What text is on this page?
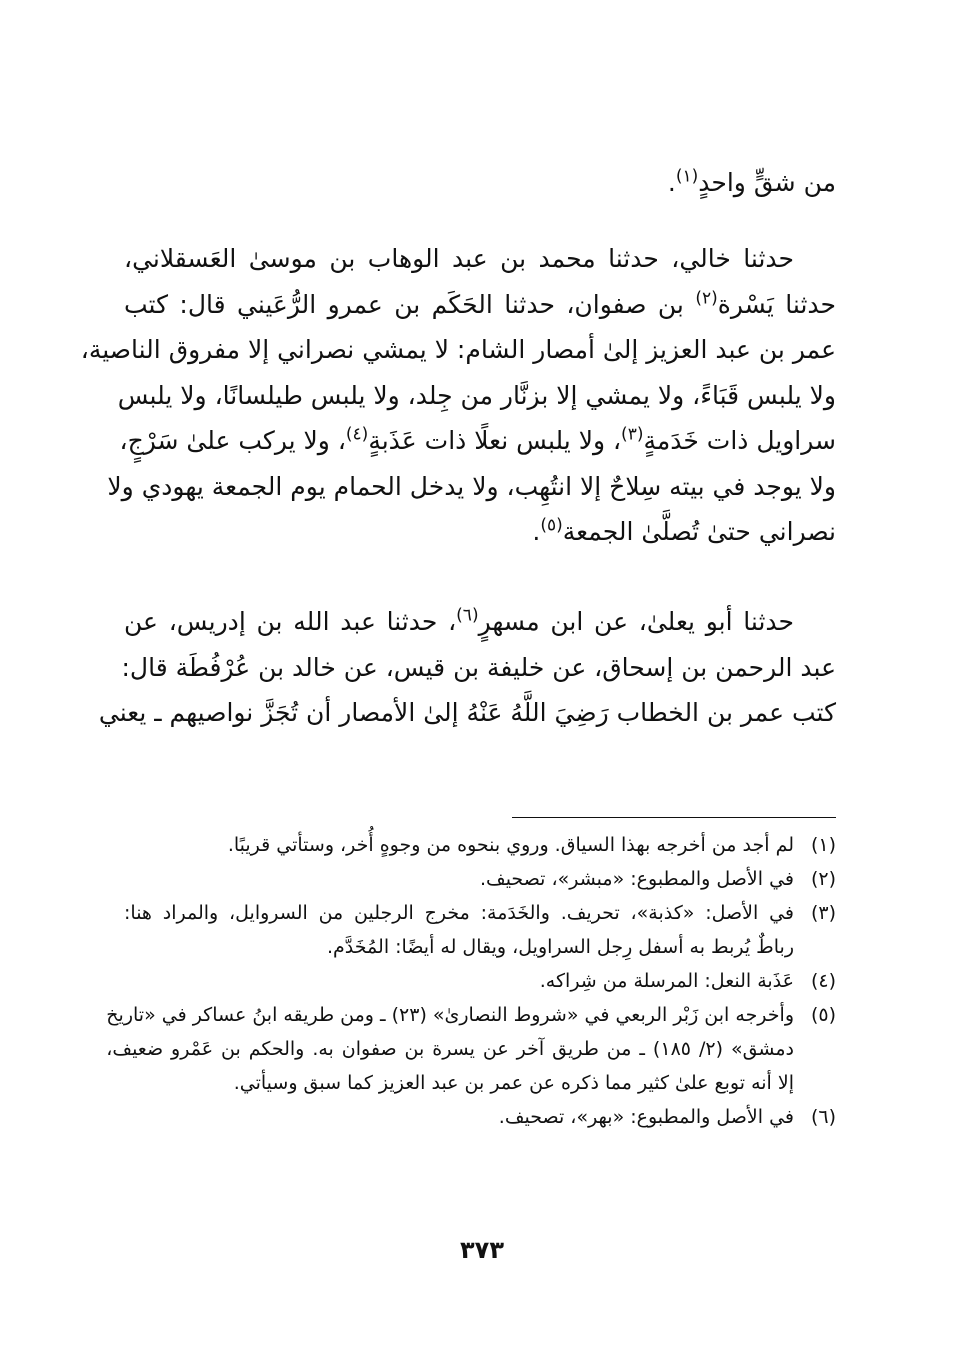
من شقٍّ واحدٍ$^{(١)}$.
حدثنا خالي، حدثنا محمد بن عبد الوهاب بن موسىٰ العَسقلاني،
حدثنا يَسْرة$^{(٢)}$ بن صفوان، حدثنا الحَكَم بن عمرو الرُّعَيني قال: كتب
عمر بن عبد العزيز إلىٰ أمصار الشام: لا يمشي نصراني إلا مفروق الناصية،
ولا يلبس قَبَاءً، ولا يمشي إلا بزنَّار من جِلد، ولا يلبس طيلسانًا، ولا يلبس
سراويل ذات خَدَمةٍ$^{(٣)}$، ولا يلبس نعلًا ذات عَذَبةٍ$^{(٤)}$، ولا يركب علىٰ سَرْجٍ،
ولا يوجد في بيته سِلاحٌ إلا انتُهِب، ولا يدخل الحمام يوم الجمعة يهودي ولا
نصراني حتىٰ تُصلَّىٰ الجمعة$^{(٥)}$.
حدثنا أبو يعلىٰ، عن ابن مسهرٍ$^{(٦)}$، حدثنا عبد الله بن إدريس، عن
عبد الرحمن بن إسحاق، عن خليفة بن قيس، عن خالد بن عُرْفُطَة قال:
كتب عمر بن الخطاب رَضِيَ اللَّهُ عَنْهُ إلىٰ الأمصار أن تُجَزَّ نواصيهم ـ يعني
(١)
لم أجد من أخرجه بهذا السياق. وروي بنحوه من وجوهٍ أُخر، وستأتي قريبًا.
(٢)
في الأصل والمطبوع: «مبشر»، تصحيف.
(٣)
في الأصل: «كذبة»، تحريف. والخَدَمة: مخرج الرجلين من السروايل، والمراد هنا:
رباطٌ يُربط به أسفل رِجل السراويل، ويقال له أيضًا: المُخَدَّم.
(٤)
عَذَبة النعل: المرسلة من شِراكه.
(٥)
وأخرجه ابن زَبْر الربعي في «شروط النصارىٰ» (٢٣) ـ ومن طريقه ابنُ عساكر في «تاريخ
دمشق» (٢/ ١٨٥) ـ من طريق آخر عن يسرة بن صفوان به. والحكم بن عَمْرو ضعيف،
إلا أنه توبع علىٰ كثير مما ذكره عن عمر بن عبد العزيز كما سبق وسيأتي.
(٦)
في الأصل والمطبوع: «بهر»، تصحيف.
٣٧٣
